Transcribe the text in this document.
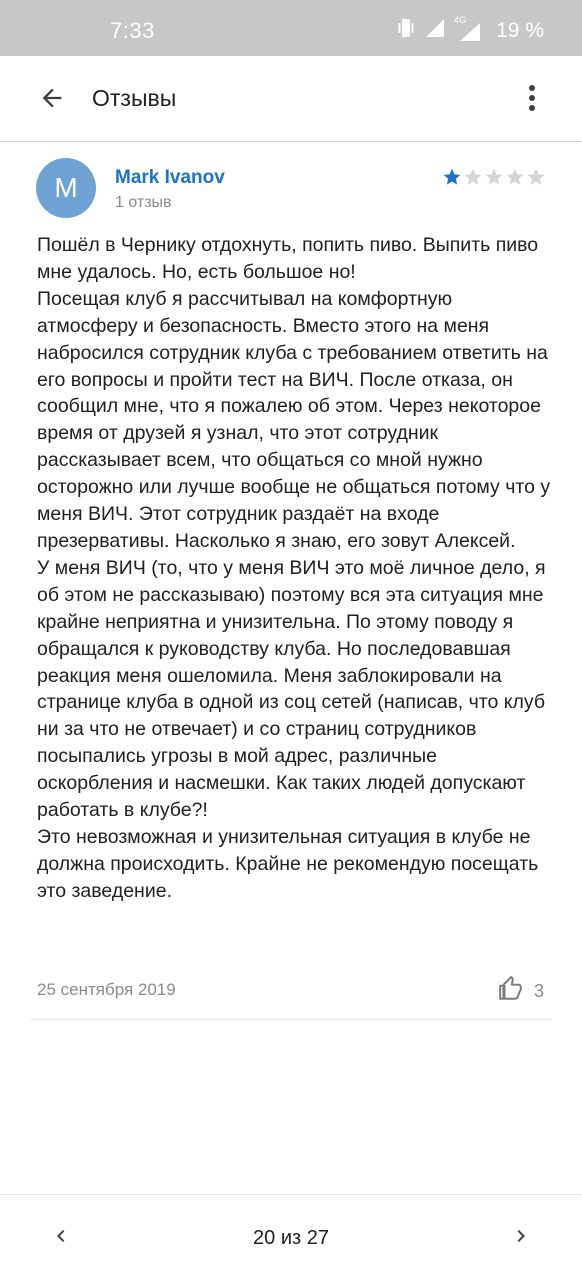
7:33	4G 19 %
Отзывы
M Mark Ivanov
1 отзыв
Пошёл в Чернику отдохнуть, попить пиво. Выпить пиво мне удалось. Но, есть большое но!
Посещая клуб я рассчитывал на комфортную атмосферу и безопасность. Вместо этого на меня набросился сотрудник клуба с требованием ответить на его вопросы и пройти тест на ВИЧ. После отказа, он сообщил мне, что я пожалею об этом. Через некоторое время от друзей я узнал, что этот сотрудник рассказывает всем, что общаться со мной нужно осторожно или лучше вообще не общаться потому что у меня ВИЧ. Этот сотрудник раздаёт на входе презервативы. Насколько я знаю, его зовут Алексей.
У меня ВИЧ (то, что у меня ВИЧ это моё личное дело, я об этом не рассказываю) поэтому вся эта ситуация мне крайне неприятна и унизительна. По этому поводу я обращался к руководству клуба. Но последовавшая реакция меня ошеломила. Меня заблокировали на странице клуба в одной из соц сетей (написав, что клуб ни за что не отвечает) и со страниц сотрудников посыпались угрозы в мой адрес, различные оскорбления и насмешки. Как таких людей допускают работать в клубе?!
Это невозможная и унизительная ситуация в клубе не должна происходить. Крайне не рекомендую посещать это заведение.
25 сентября 2019	3
20 из 27
